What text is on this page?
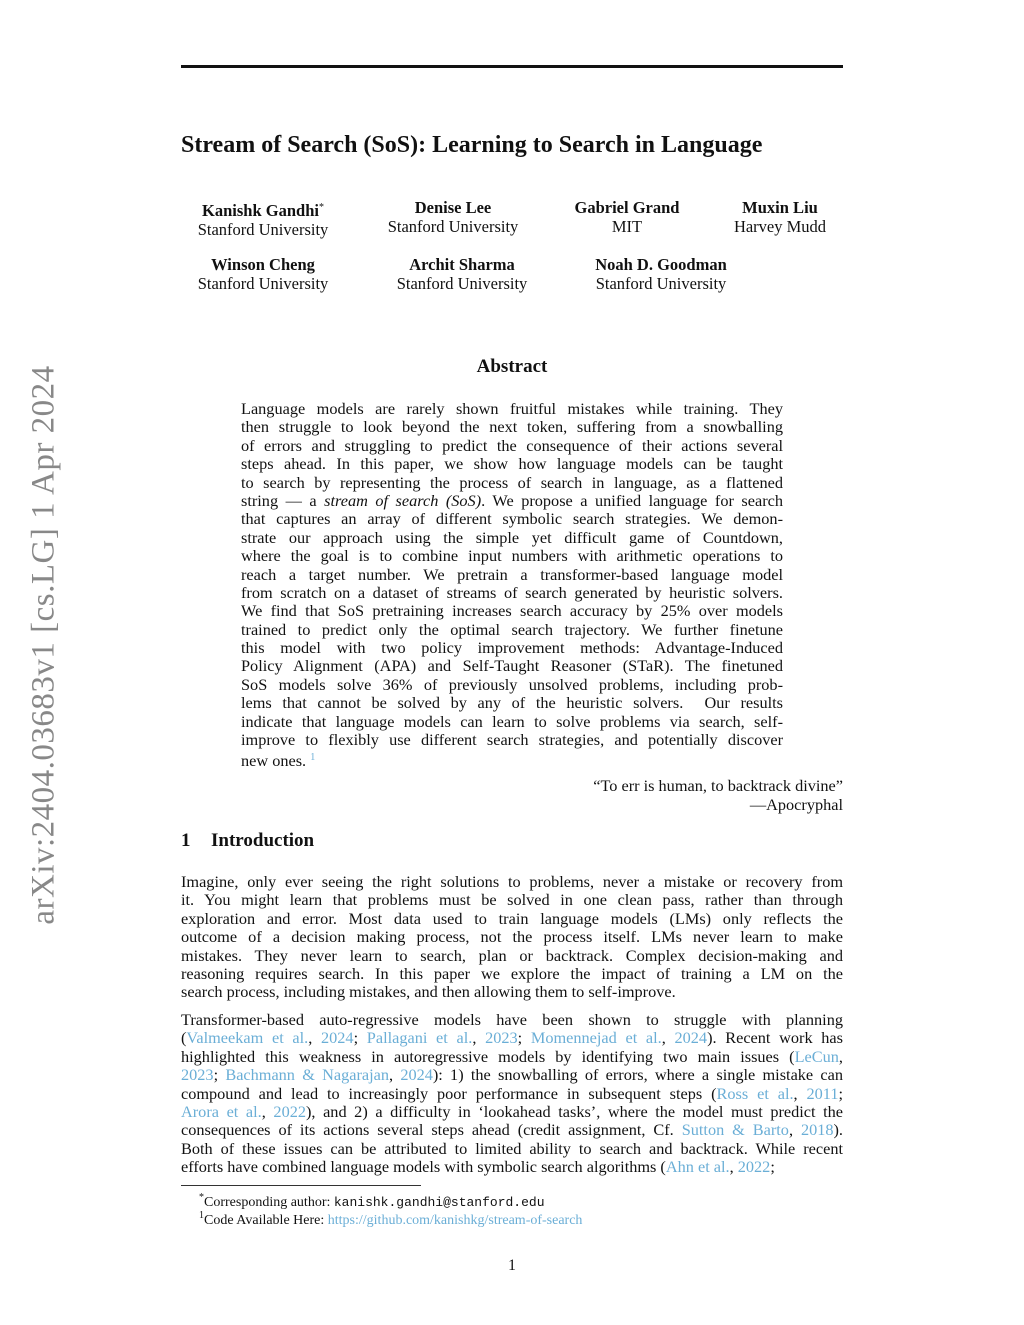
arXiv:2404.03683v1 [cs.LG] 1 Apr 2024
Stream of Search (SoS): Learning to Search in Language
Kanishk Gandhi*
Stanford University
Denise Lee
Stanford University
Gabriel Grand
MIT
Muxin Liu
Harvey Mudd
Winson Cheng
Stanford University
Archit Sharma
Stanford University
Noah D. Goodman
Stanford University
Abstract
Language models are rarely shown fruitful mistakes while training. They
then struggle to look beyond the next token, suffering from a snowballing
of errors and struggling to predict the consequence of their actions several
steps ahead. In this paper, we show how language models can be taught
to search by representing the process of search in language, as a flattened
string — a stream of search (SoS). We propose a unified language for search
that captures an array of different symbolic search strategies. We demon-
strate our approach using the simple yet difficult game of Countdown,
where the goal is to combine input numbers with arithmetic operations to
reach a target number. We pretrain a transformer-based language model
from scratch on a dataset of streams of search generated by heuristic solvers.
We find that SoS pretraining increases search accuracy by 25% over models
trained to predict only the optimal search trajectory. We further finetune
this model with two policy improvement methods: Advantage-Induced
Policy Alignment (APA) and Self-Taught Reasoner (STaR). The finetuned
SoS models solve 36% of previously unsolved problems, including prob-
lems that cannot be solved by any of the heuristic solvers.  Our results
indicate that language models can learn to solve problems via search, self-
improve to flexibly use different search strategies, and potentially discover
new ones. $^1$
“To err is human, to backtrack divine”
—Apocryphal
1 Introduction
Imagine, only ever seeing the right solutions to problems, never a mistake or recovery from
it. You might learn that problems must be solved in one clean pass, rather than through
exploration and error. Most data used to train language models (LMs) only reflects the
outcome of a decision making process, not the process itself. LMs never learn to make
mistakes. They never learn to search, plan or backtrack. Complex decision-making and
reasoning requires search. In this paper we explore the impact of training a LM on the
search process, including mistakes, and then allowing them to self-improve.
Transformer-based auto-regressive models have been shown to struggle with planning
(Valmeekam et al., 2024; Pallagani et al., 2023; Momennejad et al., 2024). Recent work has
highlighted this weakness in autoregressive models by identifying two main issues (LeCun,
2023; Bachmann & Nagarajan, 2024): 1) the snowballing of errors, where a single mistake can
compound and lead to increasingly poor performance in subsequent steps (Ross et al., 2011;
Arora et al., 2022), and 2) a difficulty in ‘lookahead tasks’, where the model must predict the
consequences of its actions several steps ahead (credit assignment, Cf. Sutton & Barto, 2018).
Both of these issues can be attributed to limited ability to search and backtrack. While recent
efforts have combined language models with symbolic search algorithms (Ahn et al., 2022;
*Corresponding author: kanishk.gandhi@stanford.edu
$^1$Code Available Here: https://github.com/kanishkg/stream-of-search
1
